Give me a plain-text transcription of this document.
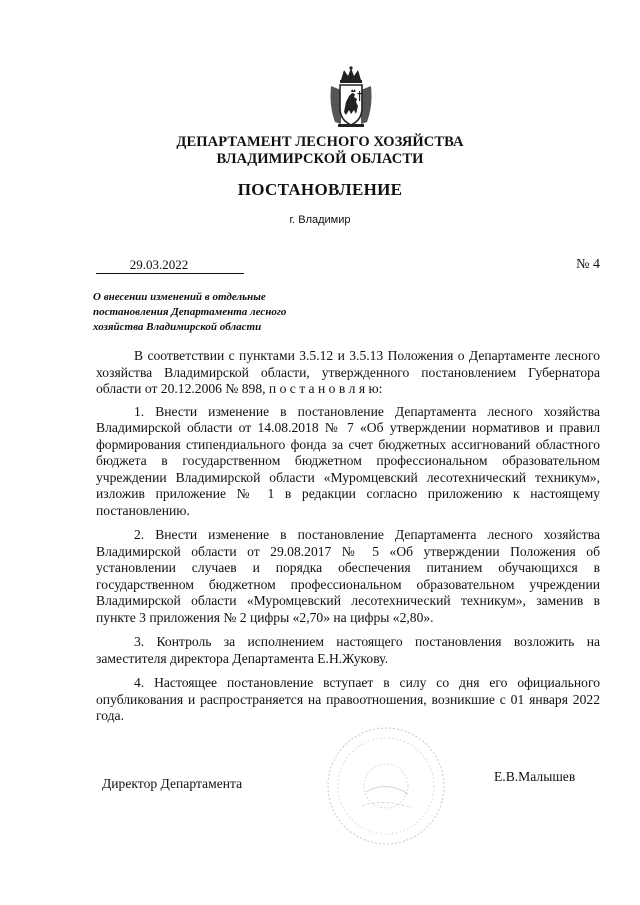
ДЕПАРТАМЕНТ ЛЕСНОГО ХОЗЯЙСТВА
ВЛАДИМИРСКОЙ ОБЛАСТИ
ПОСТАНОВЛЕНИЕ
г. Владимир
29.03.2022	№ 4
О внесении изменений в отдельные
постановления Департамента лесного
хозяйства Владимирской области

В соответствии с пунктами 3.5.12 и 3.5.13 Положения о Департаменте лесного хозяйства Владимирской области, утвержденного постановлением Губернатора области от 20.12.2006 № 898, п о с т а н о в л я ю:

1. Внести изменение в постановление Департамента лесного хозяйства Владимирской области от 14.08.2018 № 7 «Об утверждении нормативов и правил формирования стипендиального фонда за счет бюджетных ассигнований областного бюджета в государственном бюджетном профессиональном образовательном учреждении Владимирской области «Муромцевский лесотехнический техникум», изложив приложение № 1 в редакции согласно приложению к настоящему постановлению.

2. Внести изменение в постановление Департамента лесного хозяйства Владимирской области от 29.08.2017 № 5 «Об утверждении Положения об установлении случаев и порядка обеспечения питанием обучающихся в государственном бюджетном профессиональном образовательном учреждении Владимирской области «Муромцевский лесотехнический техникум», заменив в пункте 3 приложения № 2 цифры «2,70» на цифры «2,80».

3. Контроль за исполнением настоящего постановления возложить на заместителя директора Департамента Е.Н.Жукову.

4. Настоящее постановление вступает в силу со дня его официального опубликования и распространяется на правоотношения, возникшие с 01 января 2022 года.

Директор Департамента	Е.В.Малышев
